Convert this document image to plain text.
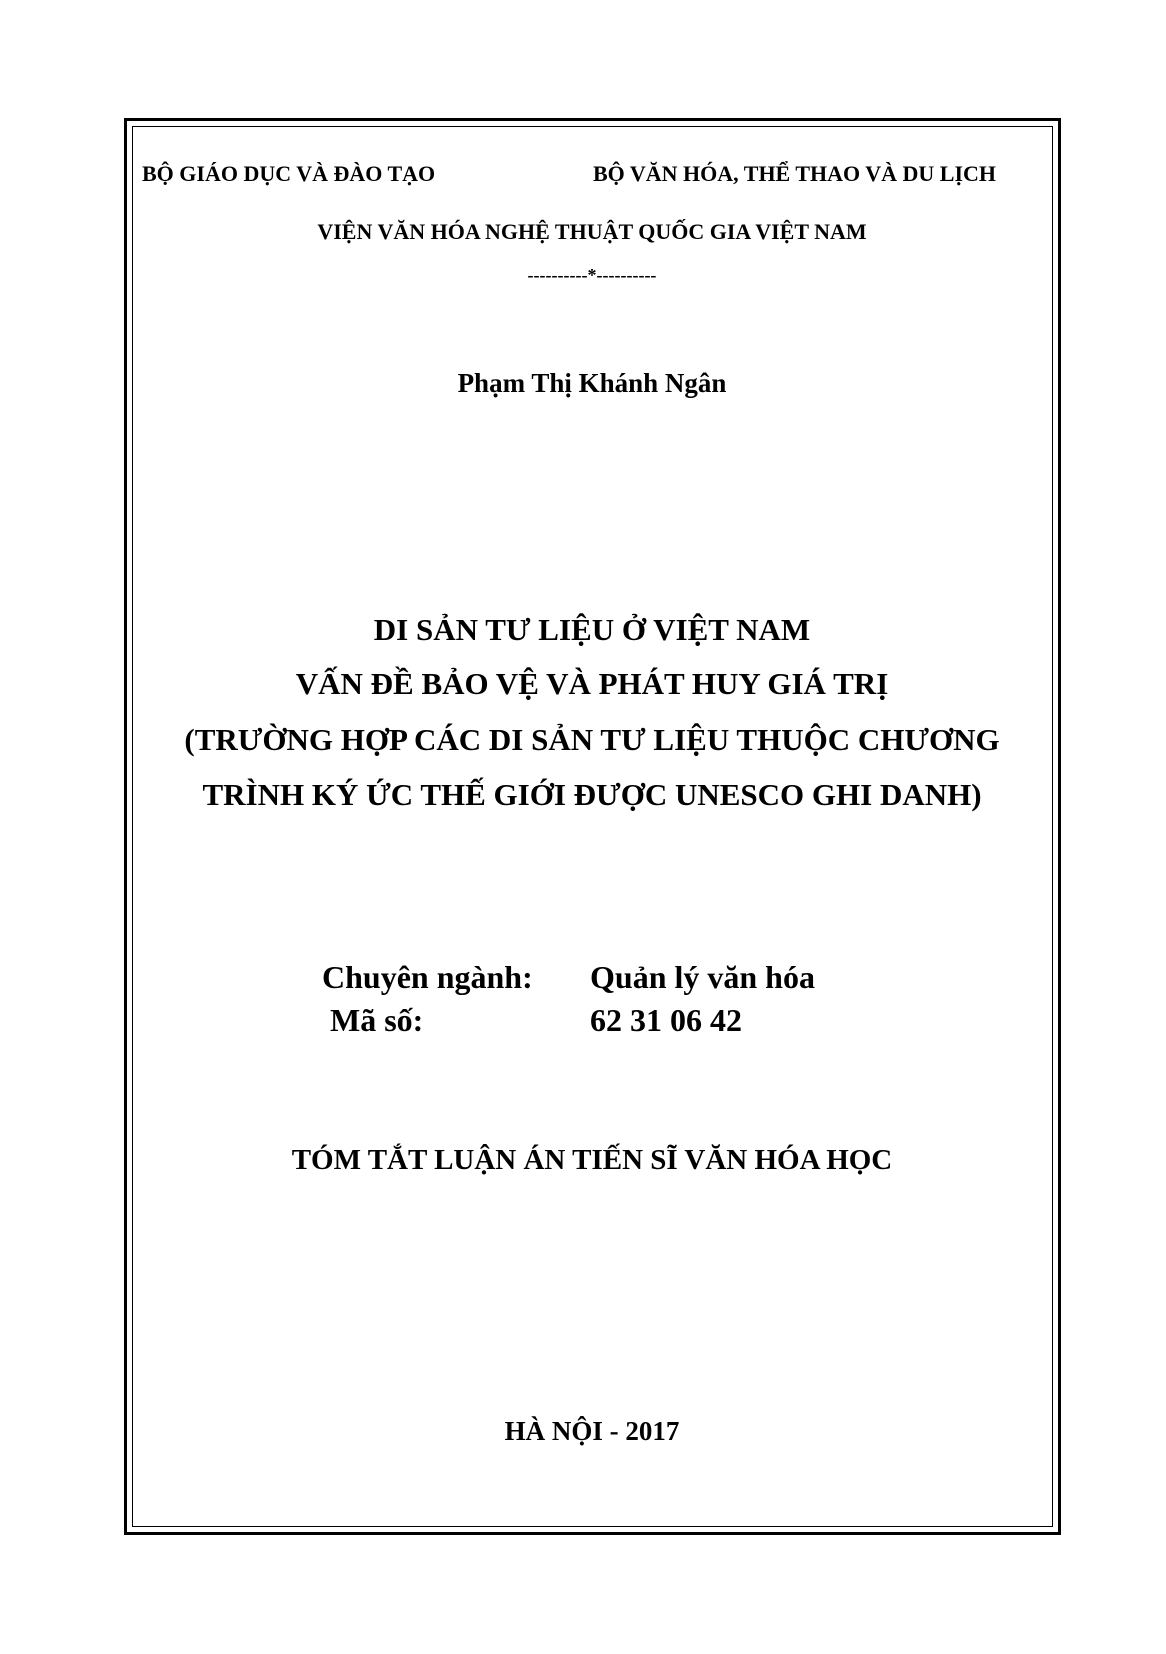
BỘ GIÁO DỤC VÀ ĐÀO TẠO	BỘ VĂN HÓA, THỂ THAO VÀ DU LỊCH
VIỆN VĂN HÓA NGHỆ THUẬT QUỐC GIA VIỆT NAM
----------*----------
Phạm Thị Khánh Ngân
DI SẢN TƯ LIỆU Ở VIỆT NAM
VẤN ĐỀ BẢO VỆ VÀ PHÁT HUY GIÁ TRỊ
(TRƯỜNG HỢP CÁC DI SẢN TƯ LIỆU THUỘC CHƯƠNG
TRÌNH KÝ ỨC THẾ GIỚI ĐƯỢC UNESCO GHI DANH)
Chuyên ngành: Quản lý văn hóa
Mã số:	62 31 06 42
TÓM TẮT LUẬN ÁN TIẾN SĨ VĂN HÓA HỌC
HÀ NỘI - 2017
